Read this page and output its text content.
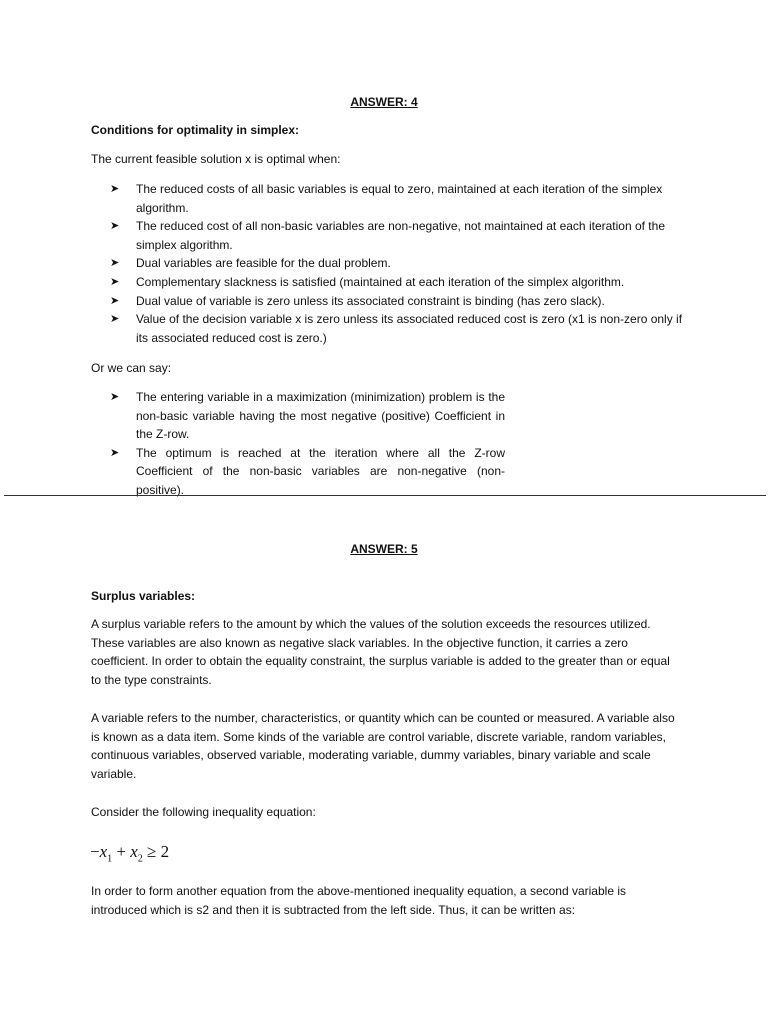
ANSWER: 4

Conditions for optimality in simplex:

The current feasible solution x is optimal when:

➤ The reduced costs of all basic variables is equal to zero, maintained at each iteration of the simplex algorithm.
➤ The reduced cost of all non-basic variables are non-negative, not maintained at each iteration of the simplex algorithm.
➤ Dual variables are feasible for the dual problem.
➤ Complementary slackness is satisfied (maintained at each iteration of the simplex algorithm.
➤ Dual value of variable is zero unless its associated constraint is binding (has zero slack).
➤ Value of the decision variable x is zero unless its associated reduced cost is zero (x1 is non-zero only if its associated reduced cost is zero.)

Or we can say:

➤ The entering variable in a maximization (minimization) problem is the non-basic variable having the most negative (positive) Coefficient in the Z-row.
➤ The optimum is reached at the iteration where all the Z-row Coefficient of the non-basic variables are non-negative (non-positive).
ANSWER: 5

Surplus variables:

A surplus variable refers to the amount by which the values of the solution exceeds the resources utilized. These variables are also known as negative slack variables. In the objective function, it carries a zero coefficient. In order to obtain the equality constraint, the surplus variable is added to the greater than or equal to the type constraints.

A variable refers to the number, characteristics, or quantity which can be counted or measured. A variable also is known as a data item. Some kinds of the variable are control variable, discrete variable, random variables, continuous variables, observed variable, moderating variable, dummy variables, binary variable and scale variable.

Consider the following inequality equation:

$-x_1 + x_2 \ge 2$

In order to form another equation from the above-mentioned inequality equation, a second variable is introduced which is s2 and then it is subtracted from the left side. Thus, it can be written as:
